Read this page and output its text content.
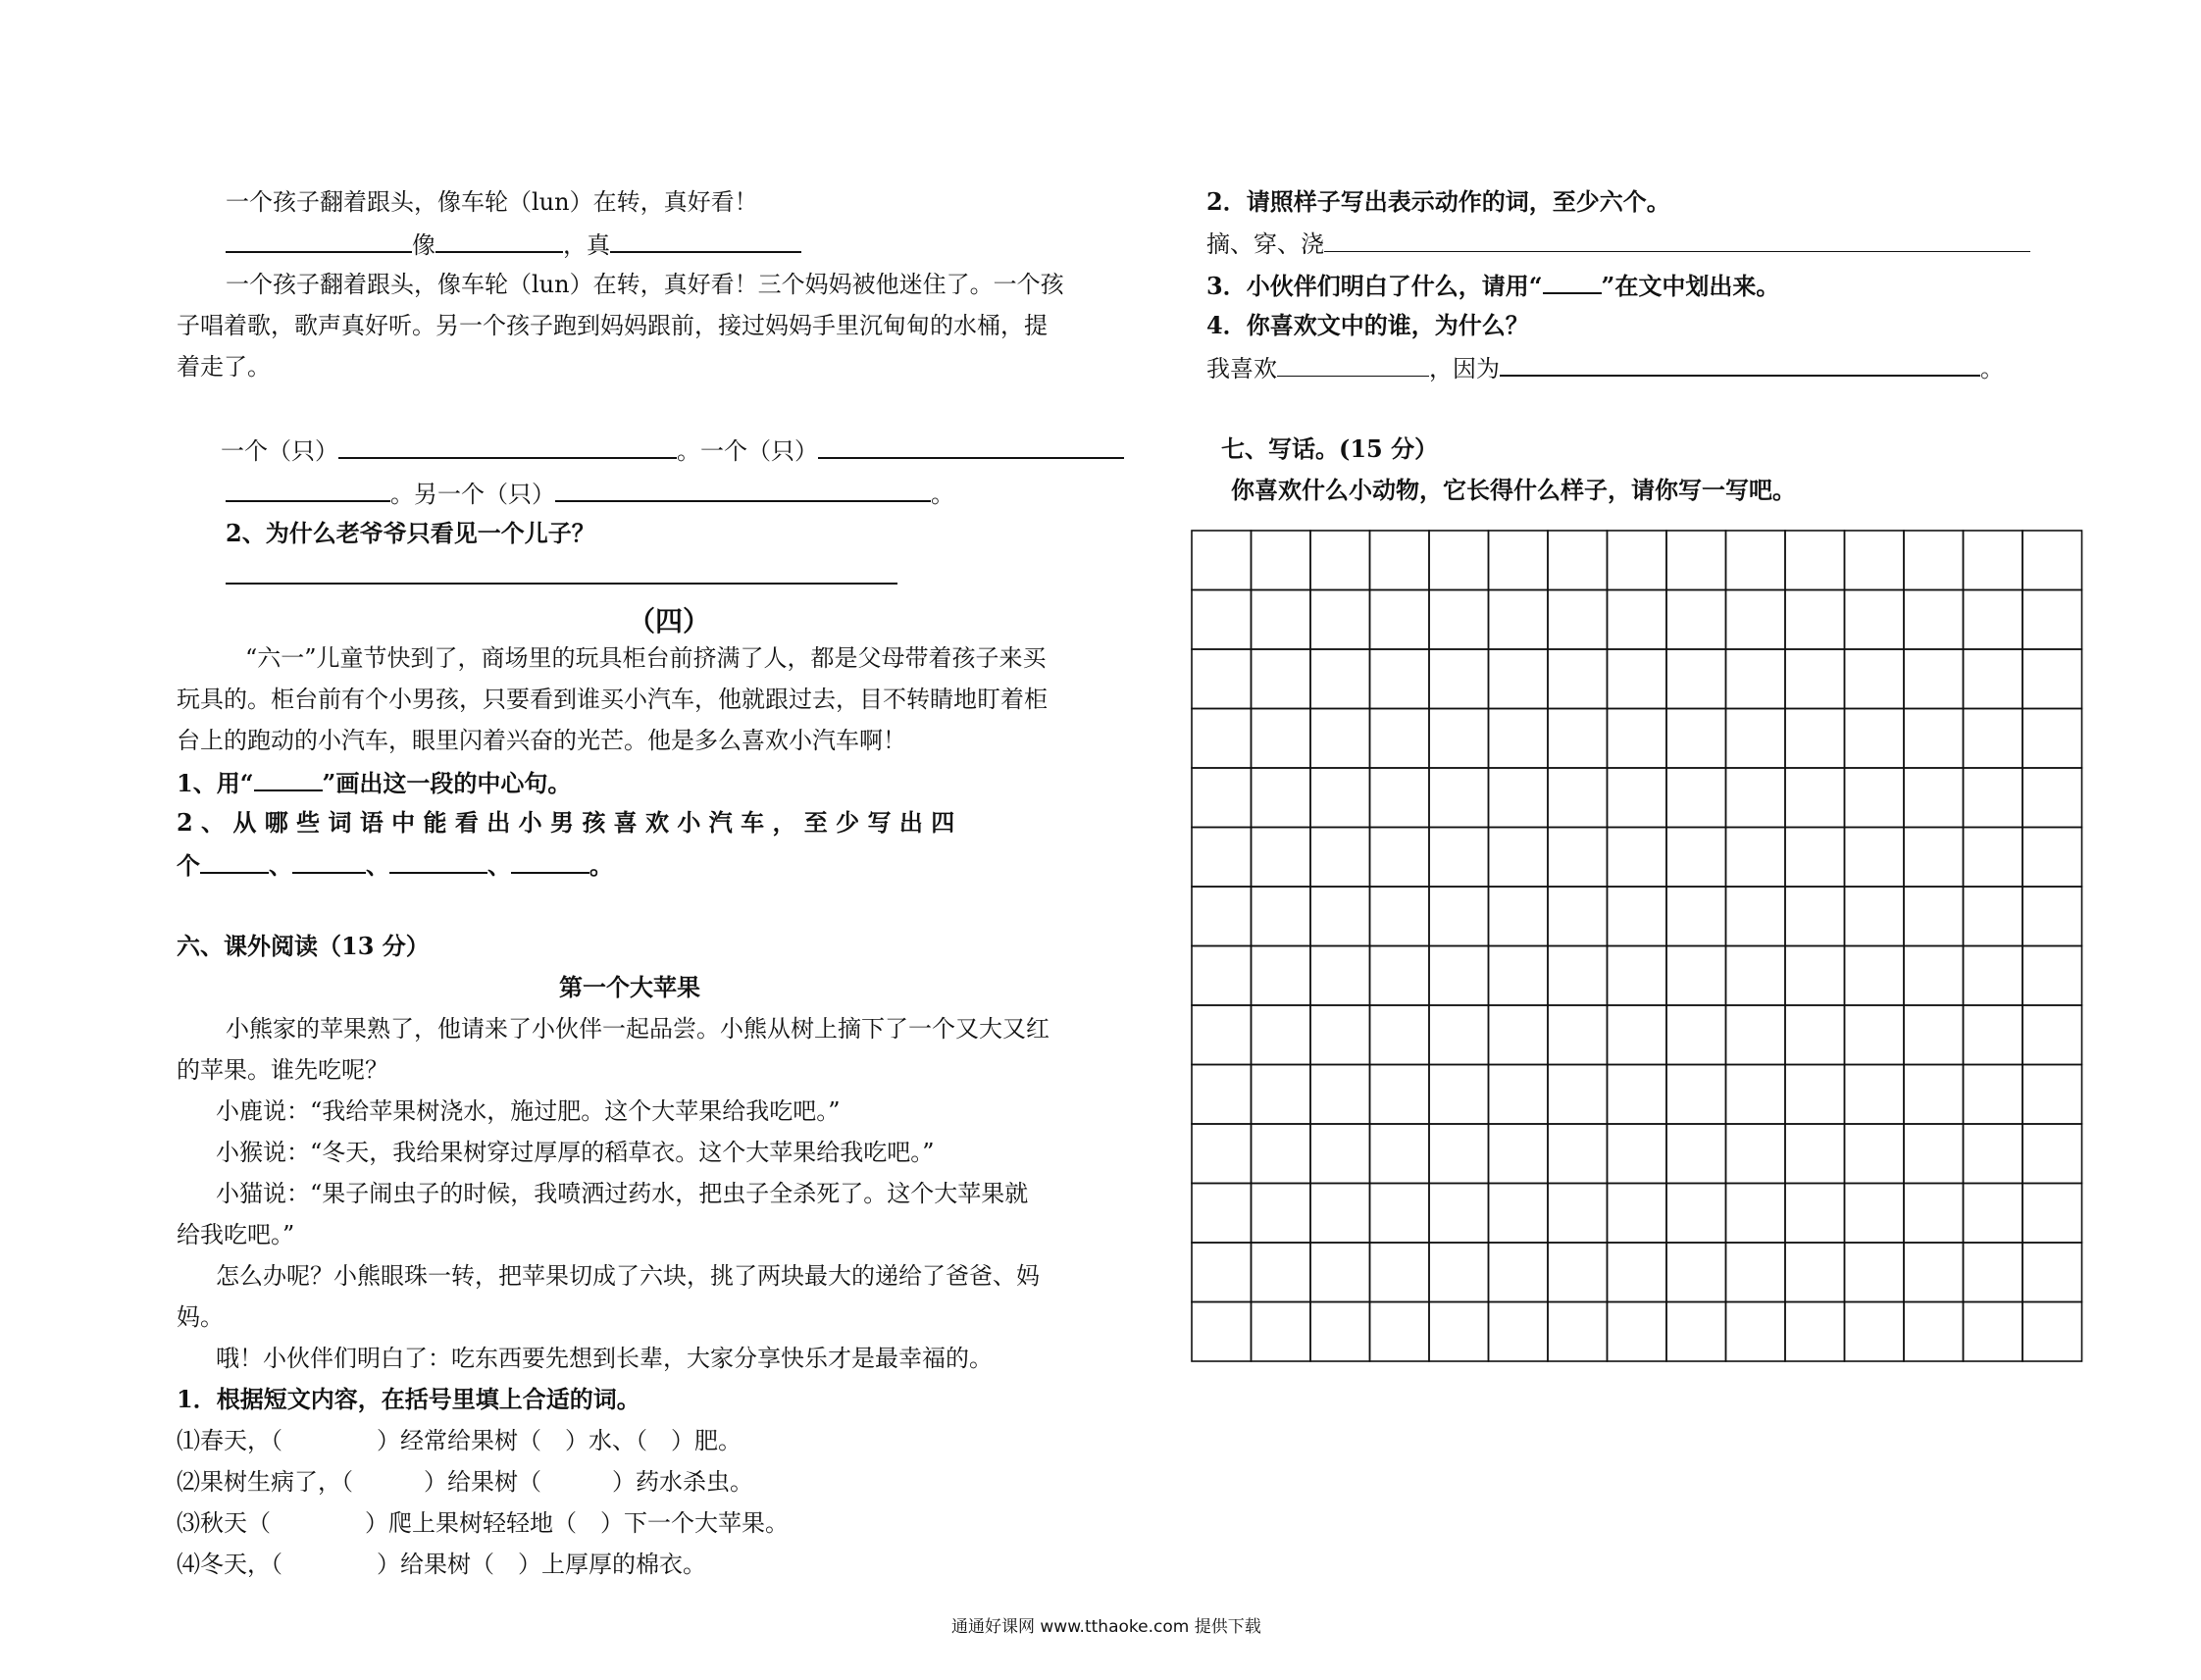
一个孩子翻着跟头，像车轮（lun）在转，真好看！
像	，真
一个孩子翻着跟头，像车轮（lun）在转，真好看！三个妈妈被他迷住了。一个孩
子唱着歌，歌声真好听。另一个孩子跑到妈妈跟前，接过妈妈手里沉甸甸的水桶，提
着走了。
一个（只）	。一个（只）
。另一个（只）	。
2、为什么老爷爷只看见一个儿子？
（四）
“六一”儿童节快到了，商场里的玩具柜台前挤满了人，都是父母带着孩子来买
玩具的。柜台前有个小男孩，只要看到谁买小汽车，他就跟过去，目不转睛地盯着柜
台上的跑动的小汽车，眼里闪着兴奋的光芒。他是多么喜欢小汽车啊！
1、用“	”画出这一段的中心句。
2 、 从 哪 些 词 语 中 能 看 出 小 男 孩 喜 欢 小 汽 车 ， 至 少 写 出 四
个	、	、	、	。
六、课外阅读（13 分）
第一个大苹果
小熊家的苹果熟了，他请来了小伙伴一起品尝。小熊从树上摘下了一个又大又红
的苹果。谁先吃呢？
小鹿说：“我给苹果树浇水，施过肥。这个大苹果给我吃吧。”
小猴说：“冬天，我给果树穿过厚厚的稻草衣。这个大苹果给我吃吧。”
小猫说：“果子闹虫子的时候，我喷洒过药水，把虫子全杀死了。这个大苹果就
给我吃吧。”
怎么办呢？小熊眼珠一转，把苹果切成了六块，挑了两块最大的递给了爸爸、妈
妈。
哦！小伙伴们明白了：吃东西要先想到长辈，大家分享快乐才是最幸福的。
1．根据短文内容，在括号里填上合适的词。
⑴春天，（　　　　）经常给果树（　）水、（　）肥。
⑵果树生病了，（　　　）给果树（　　　）药水杀虫。
⑶秋天（　　　　）爬上果树轻轻地（　）下一个大苹果。
⑷冬天，（　　　　）给果树（　）上厚厚的棉衣。
2．请照样子写出表示动作的词，至少六个。
摘、穿、浇
3．小伙伴们明白了什么，请用“	”在文中划出来。
4．你喜欢文中的谁，为什么？
我喜欢	，因为	。
七、写话。(15 分）
你喜欢什么小动物，它长得什么样子，请你写一写吧。
通通好课网 www.tthaoke.com 提供下载
